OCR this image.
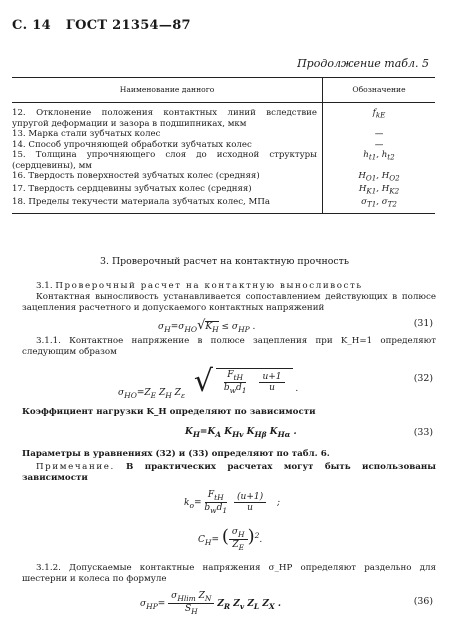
С. 14 ГОСТ 21354—87
Продолжение табл. 5
Наименование данного	Обозначение
12. Отклонение положения контактных линий вследствие упругой деформации и зазора в подшипниках, мкм	$f_{kE}$
13. Марка стали зубчатых колес	—
14. Способ упрочняющей обработки зубчатых колес	—
15. Толщина упрочняющего слоя до исходной структуры (сердцевины), мм	$h_{t1}$, $h_{t2}$
16. Твердость поверхностей зубчатых колес (средняя)	$H_{O1}$, $H_{O2}$
17. Твердость сердцевины зубчатых колес (средняя)	$H_{K1}$, $H_{K2}$
18. Пределы текучести материала зубчатых колес, МПа	$\sigma_{T1}$, $\sigma_{T2}$
3. Проверочный расчет на контактную прочность
3.1. Проверочный расчет на контактную выносливость
Контактная выносливость устанавливается сопоставлением действующих в полюсе зацепления расчетного и допускаемого контактных напряжений
$\sigma_H=\sigma_{HO}√K_H \le \sigma_{HP}$ .	(31)
3.1.1. Контактное напряжение в полюсе зацепления при K_H=1 определяют следующим образом
$\sigma_{HO}=Z_E$ $Z_H$ $Z_\varepsilon$ √ $\frac{F_{tH}}{b_wd_1}$
$\frac{u+1}{u}$ .
(32)
Коэффициент нагрузки K_H определяют по зависимости
$K_H=K_A$ $K_{Hv}$ $K_{H\beta}$ $K_{H\alpha}$ .	(33)
Параметры в уравнениях (32) и (33) определяют по табл. 6.
Примечание. В практических расчетах могут быть использованы зависимости
$k_o= \frac{F_{tH}}{b_wd_1}$
$\frac{(u+1)}{u}$ ;
$C_H=$ ( $\frac{\sigma_H}{Z_E} )^2$.
3.1.2. Допускаемые контактные напряжения σ_HP определяют раздельно для шестерни и колеса по формуле
$\sigma_{HP}= \frac{\sigma_{Hlim} Z_N}{S_H} Z_R$ $Z_v$ $Z_L$ $Z_X$ .	(36)
